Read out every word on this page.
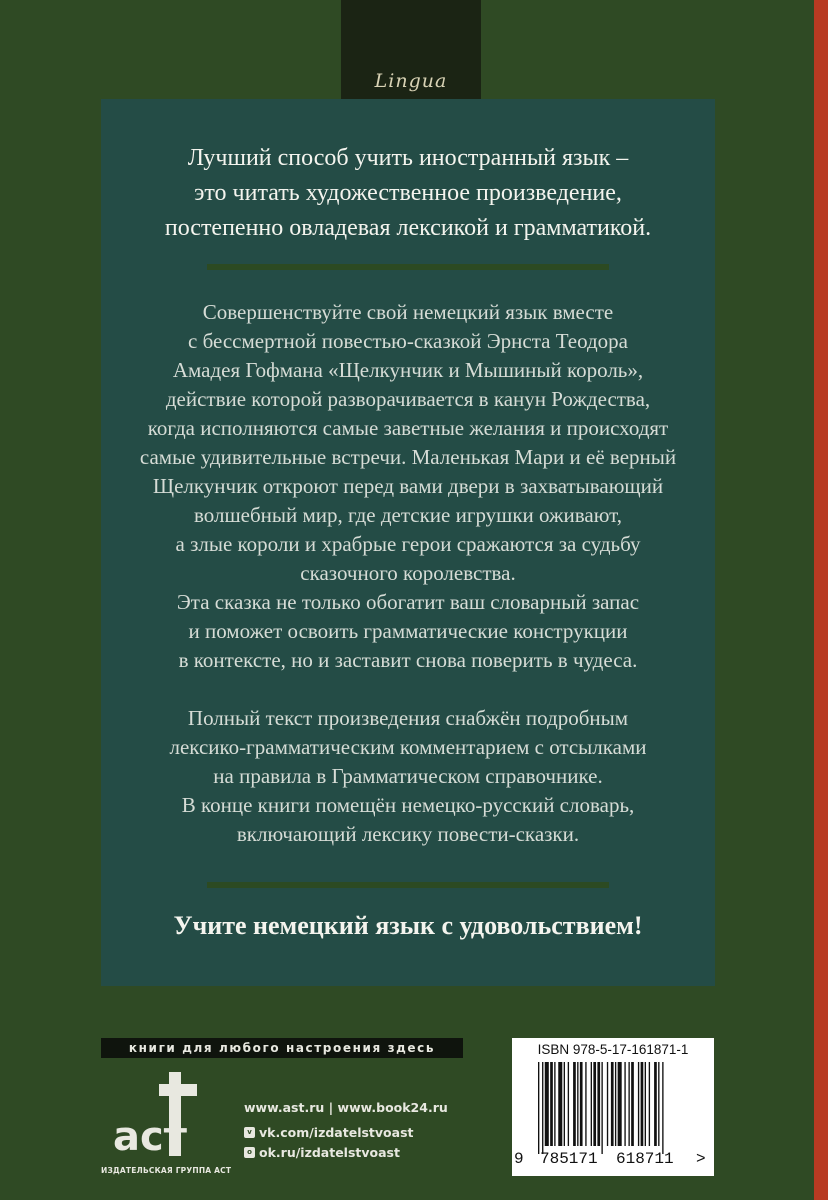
Lingua
Лучший способ учить иностранный язык –
это читать художественное произведение,
постепенно овладевая лексикой и грамматикой.
Совершенствуйте свой немецкий язык вместе
с бессмертной повестью-сказкой Эрнста Теодора
Амадея Гофмана «Щелкунчик и Мышиный король»,
действие которой разворачивается в канун Рождества,
когда исполняются самые заветные желания и происходят
самые удивительные встречи. Маленькая Мари и её верный
Щелкунчик откроют перед вами двери в захватывающий
волшебный мир, где детские игрушки оживают,
а злые короли и храбрые герои сражаются за судьбу
сказочного королевства.
Эта сказка не только обогатит ваш словарный запас
и поможет освоить грамматические конструкции
в контексте, но и заставит снова поверить в чудеса.
Полный текст произведения снабжён подробным
лексико-грамматическим комментарием с отсылками
на правила в Грамматическом справочнике.
В конце книги помещён немецко-русский словарь,
включающий лексику повести-сказки.
Учите немецкий язык с удовольствием!
книги для любого настроения здесь
аст
ИЗДАТЕЛЬСКАЯ ГРУППА АСТ
www.ast.ru | www.book24.ru
v vk.com/izdatelstvoast
o ok.ru/izdatelstvoast
ISBN 978-5-17-161871-1
9 785171 618711 >
